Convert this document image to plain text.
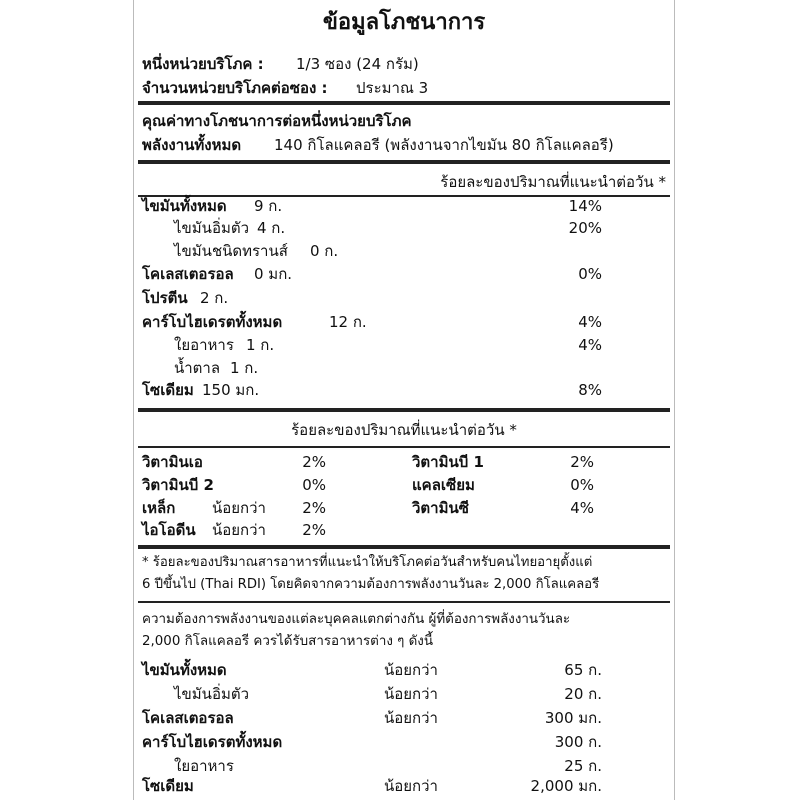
ข้อมูลโภชนาการ
หนึ่งหน่วยบริโภค : 1/3 ซอง (24 กรัม)
จำนวนหน่วยบริโภคต่อซอง : ประมาณ 3
คุณค่าทางโภชนาการต่อหนึ่งหน่วยบริโภค
พลังงานทั้งหมด 140 กิโลแคลอรี (พลังงานจากไขมัน 80 กิโลแคลอรี)
ร้อยละของปริมาณที่แนะนำต่อวัน *
ไขมันทั้งหมด 9 ก.	14%
ไขมันอิ่มตัว 4 ก.	20%
ไขมันชนิดทรานส์ 0 ก.
โคเลสเตอรอล 0 มก.	0%
โปรตีน 2 ก.
คาร์โบไฮเดรตทั้งหมด	12 ก.	4%
ใยอาหาร 1 ก.	4%
น้ำตาล 1 ก.
โซเดียม 150 มก.	8%
ร้อยละของปริมาณที่แนะนำต่อวัน *
วิตามินเอ	2%	วิตามินบี 1	2%
วิตามินบี 2	0%	แคลเซียม	0%
เหล็ก น้อยกว่า 2%	วิตามินซี	4%
ไอโอดีน น้อยกว่า 2%
* ร้อยละของปริมาณสารอาหารที่แนะนำให้บริโภคต่อวันสำหรับคนไทยอายุตั้งแต่
6 ปีขึ้นไป (Thai RDI) โดยคิดจากความต้องการพลังงานวันละ 2,000 กิโลแคลอรี
ความต้องการพลังงานของแต่ละบุคคลแตกต่างกัน ผู้ที่ต้องการพลังงานวันละ
2,000 กิโลแคลอรี ควรได้รับสารอาหารต่าง ๆ ดังนี้
ไขมันทั้งหมด	น้อยกว่า	65 ก.
ไขมันอิ่มตัว	น้อยกว่า	20 ก.
โคเลสเตอรอล	น้อยกว่า	300 มก.
คาร์โบไฮเดรตทั้งหมด	300 ก.
ใยอาหาร	25 ก.
โซเดียม	น้อยกว่า	2,000 มก.
